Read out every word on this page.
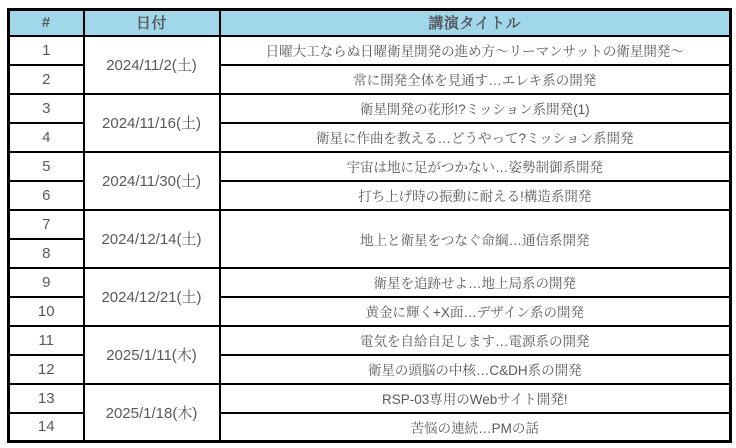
#	日付	講演タイトル
1	2024/11/2(土)	日曜大工ならぬ日曜衛星開発の進め方〜リーマンサットの衛星開発〜
2		常に開発全体を見通す…エレキ系の開発
3	2024/11/16(土)	衛星開発の花形!?ミッション系開発(1)
4		衛星に作曲を教える…どうやって?ミッション系開発
5	2024/11/30(土)	宇宙は地に足がつかない…姿勢制御系開発
6		打ち上げ時の振動に耐える!構造系開発
7	2024/12/14(土)	地上と衛星をつなぐ命綱…通信系開発
8		
9	2024/12/21(土)	衛星を追跡せよ…地上局系の開発
10		黄金に輝く+X面…デザイン系の開発
11	2025/1/11(木)	電気を自給自足します…電源系の開発
12		衛星の頭脳の中核…C&DH系の開発
13	2025/1/18(木)	RSP-03専用のWebサイト開発!
14		苦悩の連続…PMの話
